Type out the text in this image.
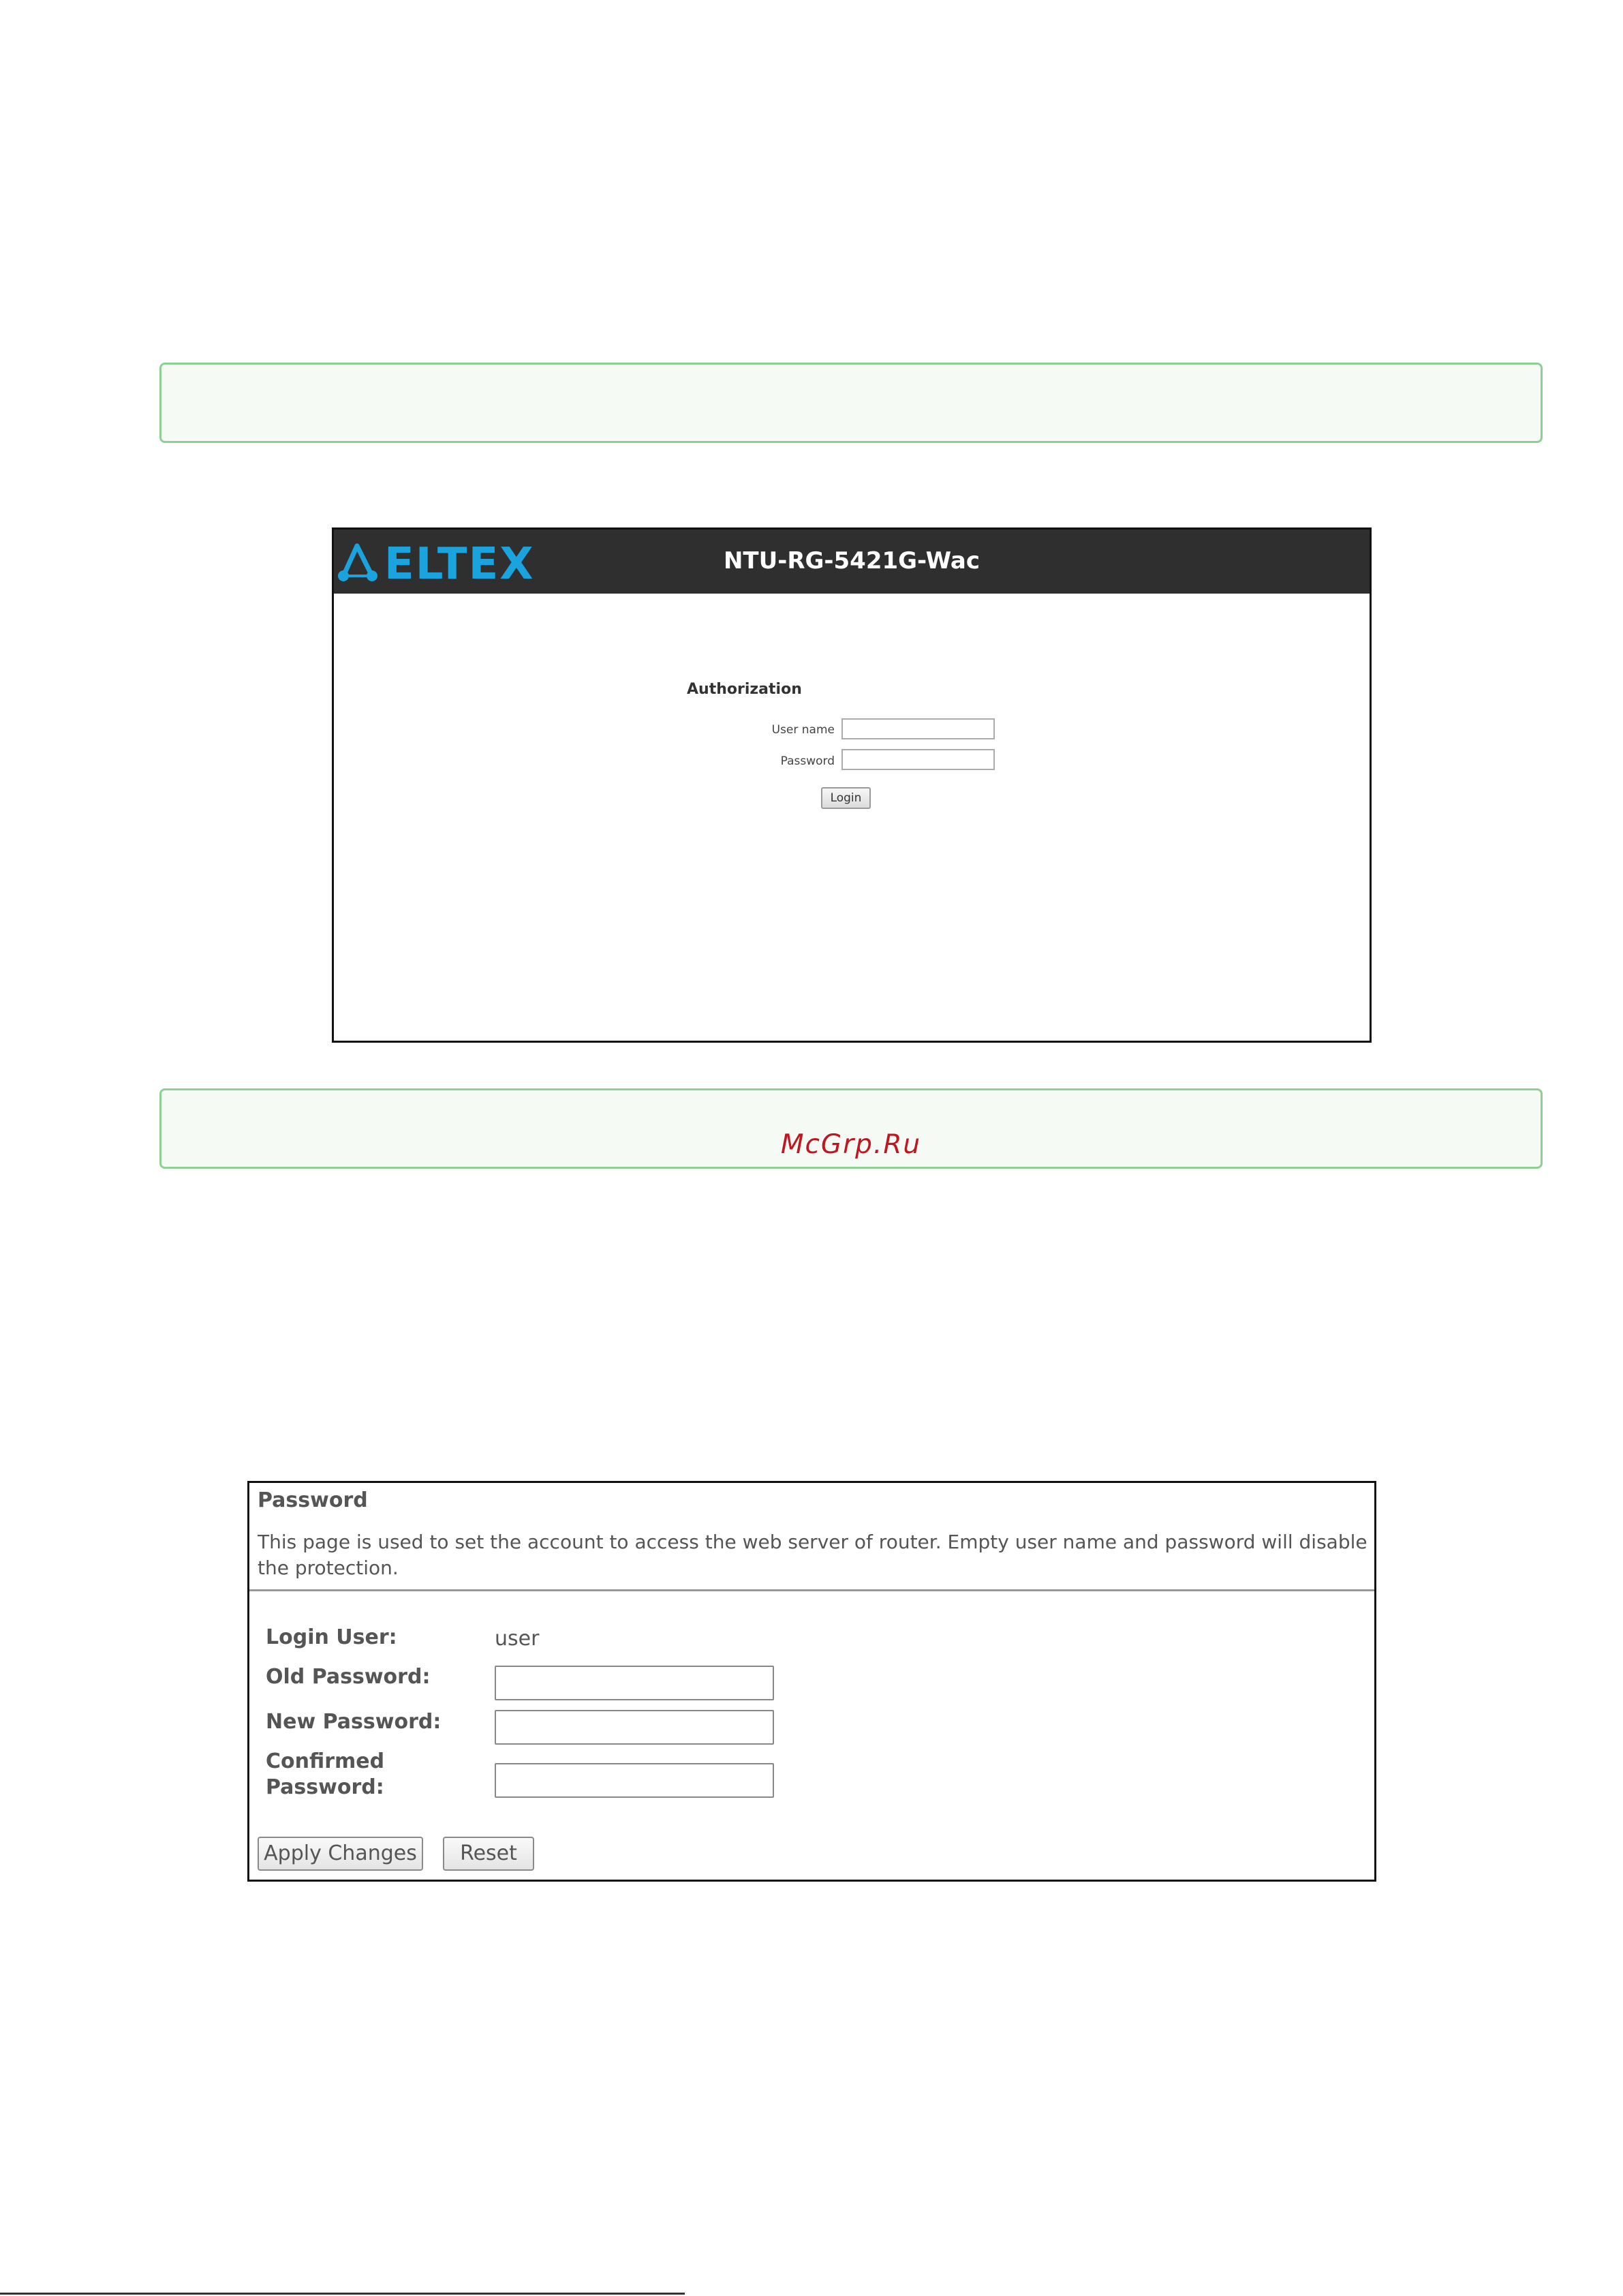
ELTEX	NTU-RG-5421G-Wac
Authorization
User name
Password
Login
McGrp.Ru
Password
This page is used to set the account to access the web server of router. Empty user name and password will disable the protection.
Login User:	user
Old Password:
New Password:
Confirmed
Password:
Apply Changes	Reset
